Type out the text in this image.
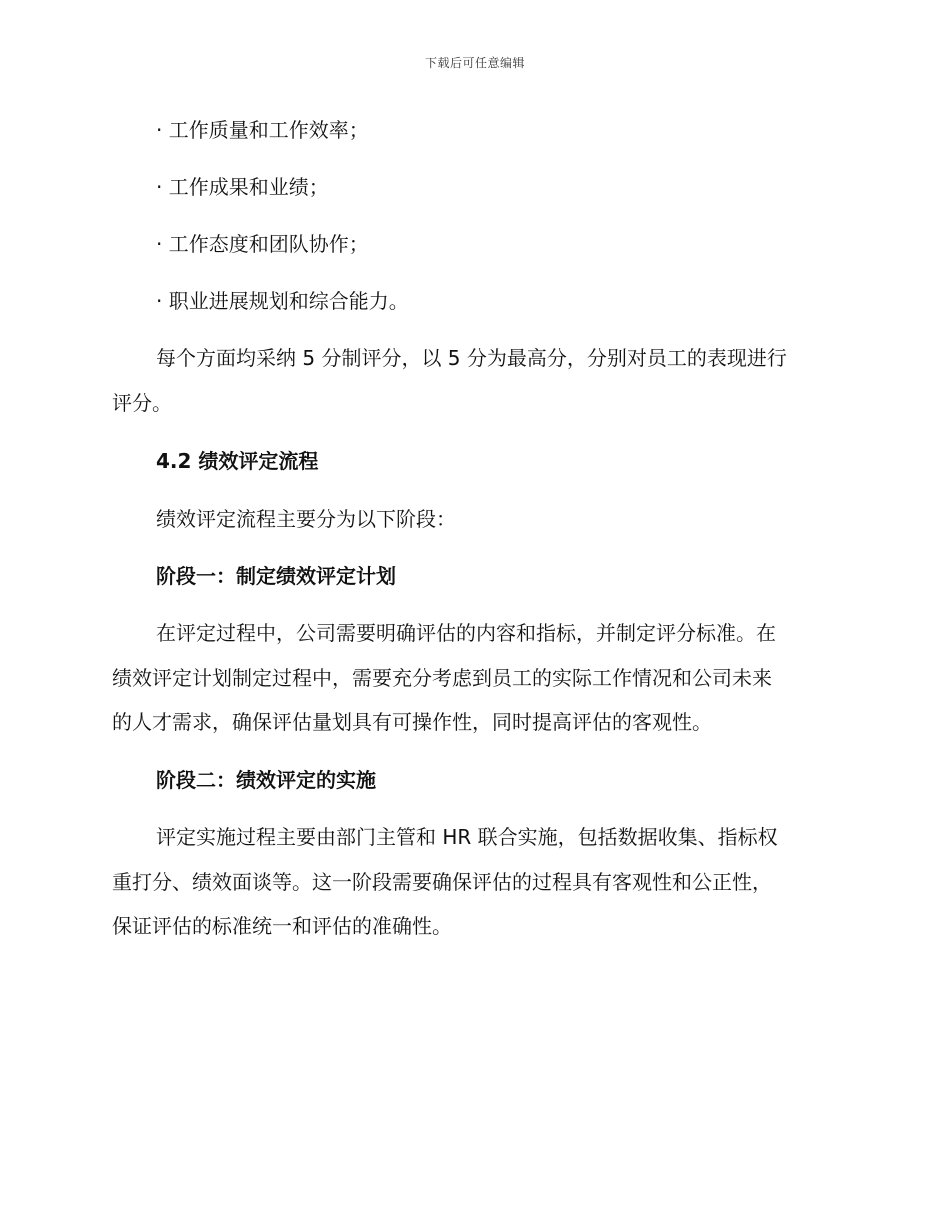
下载后可任意编辑
· 工作质量和工作效率；
· 工作成果和业绩；
· 工作态度和团队协作；
· 职业进展规划和综合能力。
每个方面均采纳 5 分制评分，以 5 分为最高分，分别对员工的表现进行
评分。
4.2 绩效评定流程
绩效评定流程主要分为以下阶段：
阶段一：制定绩效评定计划
在评定过程中，公司需要明确评估的内容和指标，并制定评分标准。在
绩效评定计划制定过程中，需要充分考虑到员工的实际工作情况和公司未来
的人才需求，确保评估量划具有可操作性，同时提高评估的客观性。
阶段二：绩效评定的实施
评定实施过程主要由部门主管和 HR 联合实施，包括数据收集、指标权
重打分、绩效面谈等。这一阶段需要确保评估的过程具有客观性和公正性，
保证评估的标准统一和评估的准确性。
